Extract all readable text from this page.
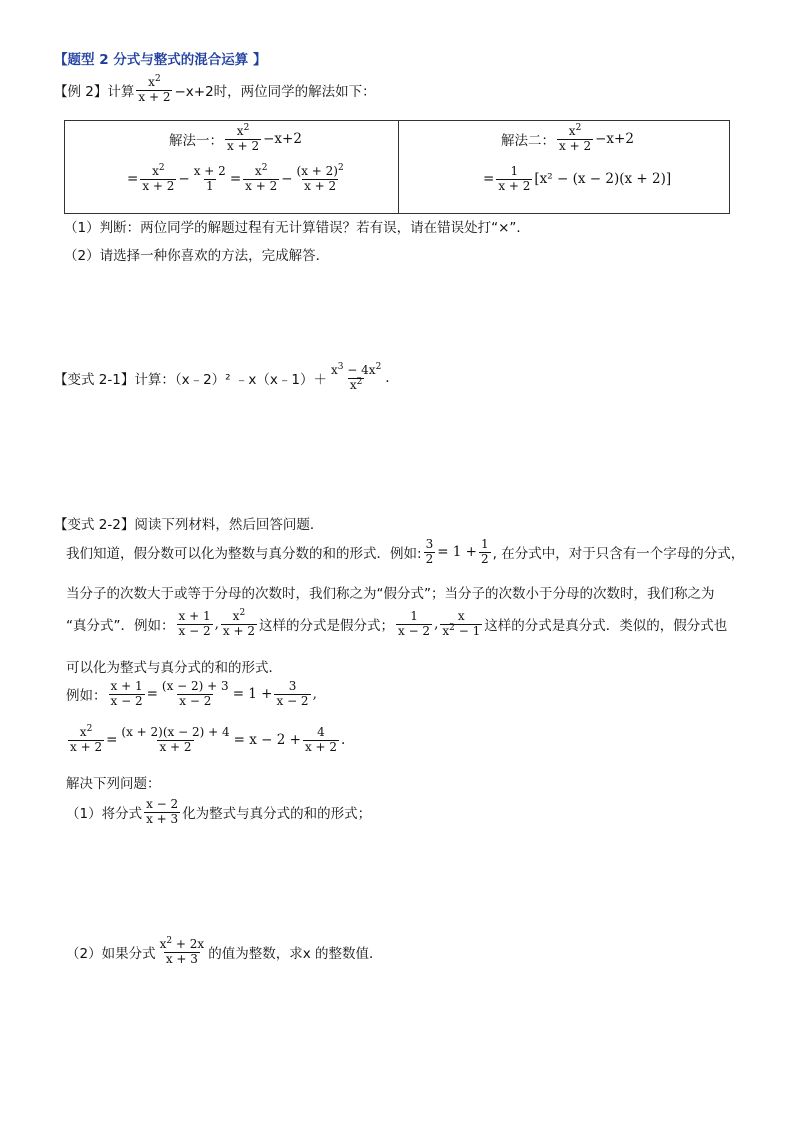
【题型 2 分式与整式的混合运算 】
【例 2】计算 $\frac{x^2}{x + 2} -x+2$时，两位同学的解法如下：
解法一： $\frac{x^2}{x + 2} -x+2$
= $\frac{x^2}{x + 2} - \frac{x + 2}{1} = \frac{x^2}{x + 2} - \frac{(x + 2)^2}{x + 2}$
解法二： $\frac{x^2}{x + 2} -x+2$
= $\frac{1}{x + 2} [x^2 - (x - 2)(x + 2)]$
（1）判断：两位同学的解题过程有无计算错误？若有误，请在错误处打“×”．
（2）请选择一种你喜欢的方法，完成解答．
【变式 2-1】计算：（x﹣2）² ﹣x（x﹣1）＋ $\frac{x^3 - 4x^2}{x^2}$ .
【变式 2-2】阅读下列材料，然后回答问题．
我们知道，假分数可以化为整数与真分数的和的形式．例如: $\frac{3}{2} = 1 + \frac{1}{2}$ , 在分式中，对于只含有一个字母的分式，
当分子的次数大于或等于分母的次数时，我们称之为“假分式”；当分子的次数小于分母的次数时，我们称之为
“真分式”．例如： $\frac{x + 1}{x - 2}$ , $\frac{x^2}{x + 2}$ 这样的分式是假分式； $\frac{1}{x - 2}$ , $\frac{x}{x^2 - 1}$ 这样的分式是真分式．类似的，假分式也
可以化为整式与真分式的和的形式．
例如： $\frac{x + 1}{x - 2} = \frac{(x - 2) + 3}{x - 2} = 1 + \frac{3}{x - 2}$ ,
$\frac{x^2}{x + 2} = \frac{(x + 2)(x - 2) + 4}{x + 2} = x - 2 + \frac{4}{x + 2}$ .
解决下列问题：
（1）将分式 $\frac{x - 2}{x + 3}$ 化为整式与真分式的和的形式；
（2）如果分式 $\frac{x^2 + 2x}{x + 3}$ 的值为整数，求x 的整数值．
